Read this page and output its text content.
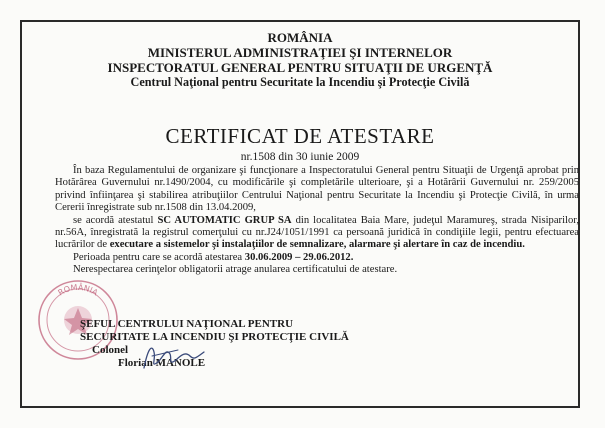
ROMÂNIA
MINISTERUL ADMINISTRAŢIEI ŞI INTERNELOR
INSPECTORATUL GENERAL PENTRU SITUAŢII DE URGENŢĂ
Centrul Naţional pentru Securitate la Incendiu şi Protecţie Civilă
CERTIFICAT DE ATESTARE
nr.1508 din 30 iunie 2009

În baza Regulamentului de organizare şi funcţionare a Inspectoratului General pentru Situaţii de Urgenţă aprobat prin Hotărârea Guvernului nr.1490/2004, cu modificările şi completările ulterioare, şi a Hotărârii Guvernului nr. 259/2005 privind înfiinţarea şi stabilirea atribuţiilor Centrului Naţional pentru Securitate la Incendiu şi Protecţie Civilă, în urma Cererii înregistrate sub nr.1508 din 13.04.2009,

se acordă atestatul SC AUTOMATIC GRUP SA din localitatea Baia Mare, judeţul Maramureş, strada Nisiparilor, nr.56A, înregistrată la registrul comerţului cu nr.J24/1051/1991 ca persoană juridică în condiţiile legii, pentru efectuarea lucrărilor de executare a sistemelor şi instalaţiilor de semnalizare, alarmare şi alertare în caz de incendiu.

Perioada pentru care se acordă atestarea 30.06.2009 – 29.06.2012.

Nerespectarea cerinţelor obligatorii atrage anularea certificatului de atestare.

ROMÂNIA
ŞEFUL CENTRULUI NAŢIONAL PENTRU
SECURITATE LA INCENDIU ŞI PROTECŢIE CIVILĂ
Colonel
Florian MANOLE
